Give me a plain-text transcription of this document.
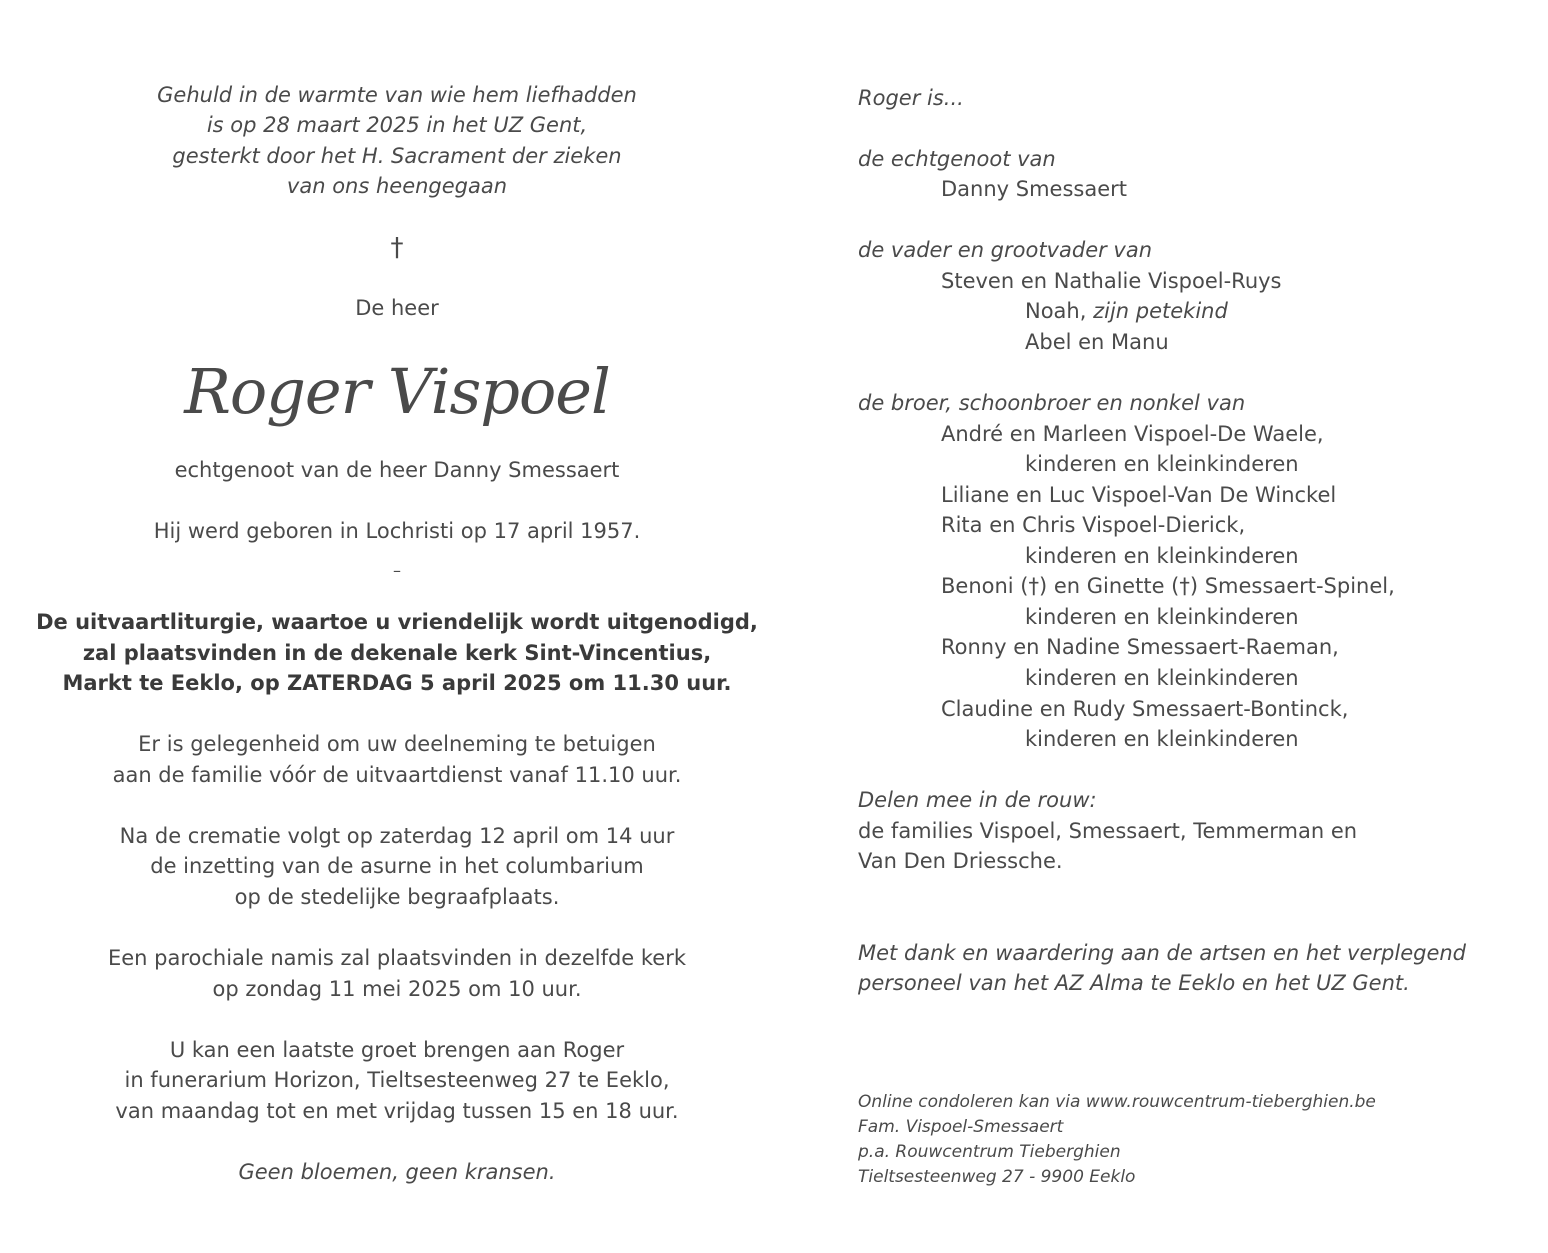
Gehuld in de warmte van wie hem liefhadden
is op 28 maart 2025 in het UZ Gent,
gesterkt door het H. Sacrament der zieken
van ons heengegaan
†
De heer
Roger Vispoel
echtgenoot van de heer Danny Smessaert
Hij werd geboren in Lochristi op 17 april 1957.
–
De uitvaartliturgie, waartoe u vriendelijk wordt uitgenodigd,
zal plaatsvinden in de dekenale kerk Sint-Vincentius,
Markt te Eeklo, op ZATERDAG 5 april 2025 om 11.30 uur.
Er is gelegenheid om uw deelneming te betuigen
aan de familie vóór de uitvaartdienst vanaf 11.10 uur.
Na de crematie volgt op zaterdag 12 april om 14 uur
de inzetting van de asurne in het columbarium
op de stedelijke begraafplaats.
Een parochiale namis zal plaatsvinden in dezelfde kerk
op zondag 11 mei 2025 om 10 uur.
U kan een laatste groet brengen aan Roger
in funerarium Horizon, Tieltsesteenweg 27 te Eeklo,
van maandag tot en met vrijdag tussen 15 en 18 uur.
Geen bloemen, geen kransen.
Roger is...
de echtgenoot van
Danny Smessaert
de vader en grootvader van
Steven en Nathalie Vispoel-Ruys
Noah, zijn petekind
Abel en Manu
de broer, schoonbroer en nonkel van
André en Marleen Vispoel-De Waele,
kinderen en kleinkinderen
Liliane en Luc Vispoel-Van De Winckel
Rita en Chris Vispoel-Dierick,
kinderen en kleinkinderen
Benoni (†) en Ginette (†) Smessaert-Spinel,
kinderen en kleinkinderen
Ronny en Nadine Smessaert-Raeman,
kinderen en kleinkinderen
Claudine en Rudy Smessaert-Bontinck,
kinderen en kleinkinderen
Delen mee in de rouw:
de families Vispoel, Smessaert, Temmerman en
Van Den Driessche.
Met dank en waardering aan de artsen en het verplegend
personeel van het AZ Alma te Eeklo en het UZ Gent.
Online condoleren kan via www.rouwcentrum-tieberghien.be
Fam. Vispoel-Smessaert
p.a. Rouwcentrum Tieberghien
Tieltsesteenweg 27 - 9900 Eeklo
